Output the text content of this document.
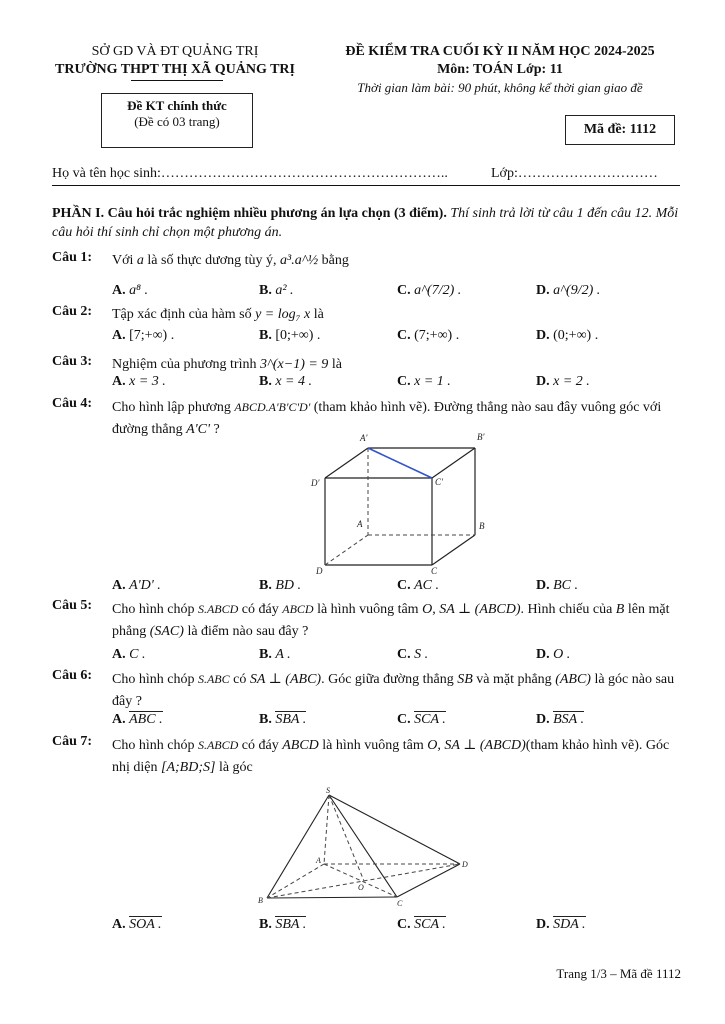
SỞ GD VÀ ĐT QUẢNG TRỊ
TRƯỜNG THPT THỊ XÃ QUẢNG TRỊ
ĐỀ KIỂM TRA CUỐI KỲ II NĂM HỌC 2024-2025
Môn: TOÁN Lớp: 11
Thời gian làm bài: 90 phút, không kể thời gian giao đề
Đề KT chính thức
(Đề có 03 trang)
Mã đề: 1112
Họ và tên học sinh:……………………………………………………..	Lớp:…………………………
PHẦN I. Câu hỏi trắc nghiệm nhiều phương án lựa chọn (3 điểm). Thí sinh trả lời từ câu 1 đến câu 12. Mỗi câu hỏi thí sinh chỉ chọn một phương án.
Câu 1: Với a là số thực dương tùy ý, a³.a^½ bằng
A. a⁸ .	B. a² .	C. a^(7/2) .	D. a^(9/2) .
Câu 2: Tập xác định của hàm số y = log₇ x là
A. [7;+∞) .	B. [0;+∞) .	C. (7;+∞) .	D. (0;+∞) .
Câu 3: Nghiệm của phương trình 3^(x−1) = 9 là
A. x = 3 .	B. x = 4 .	C. x = 1 .	D. x = 2 .
Câu 4: Cho hình lập phương ABCD.A'B'C'D' (tham khảo hình vẽ). Đường thẳng nào sau đây vuông góc với đường thẳng A'C' ?
A'	B'
C'
D'
A	B
C
D
A. A'D' .	B. BD .	C. AC .	D. BC .
Câu 5: Cho hình chóp S.ABCD có đáy ABCD là hình vuông tâm O, SA ⊥ (ABCD). Hình chiếu của B lên mặt phẳng (SAC) là điểm nào sau đây ?
A. C .	B. A .	C. S .	D. O .
Câu 6: Cho hình chóp S.ABC có SA ⊥ (ABC). Góc giữa đường thẳng SB và mặt phẳng (ABC) là góc nào sau đây ?
A. ABC .	B. SBA .	C. SCA .	D. BSA .
Câu 7: Cho hình chóp S.ABCD có đáy ABCD là hình vuông tâm O, SA ⊥ (ABCD)(tham khảo hình vẽ). Góc nhị diện [A;BD;S] là góc
S
A
B	C
D
O
A. SOA .	B. SBA .	C. SCA .	D. SDA .
Trang 1/3 – Mã đề 1112
